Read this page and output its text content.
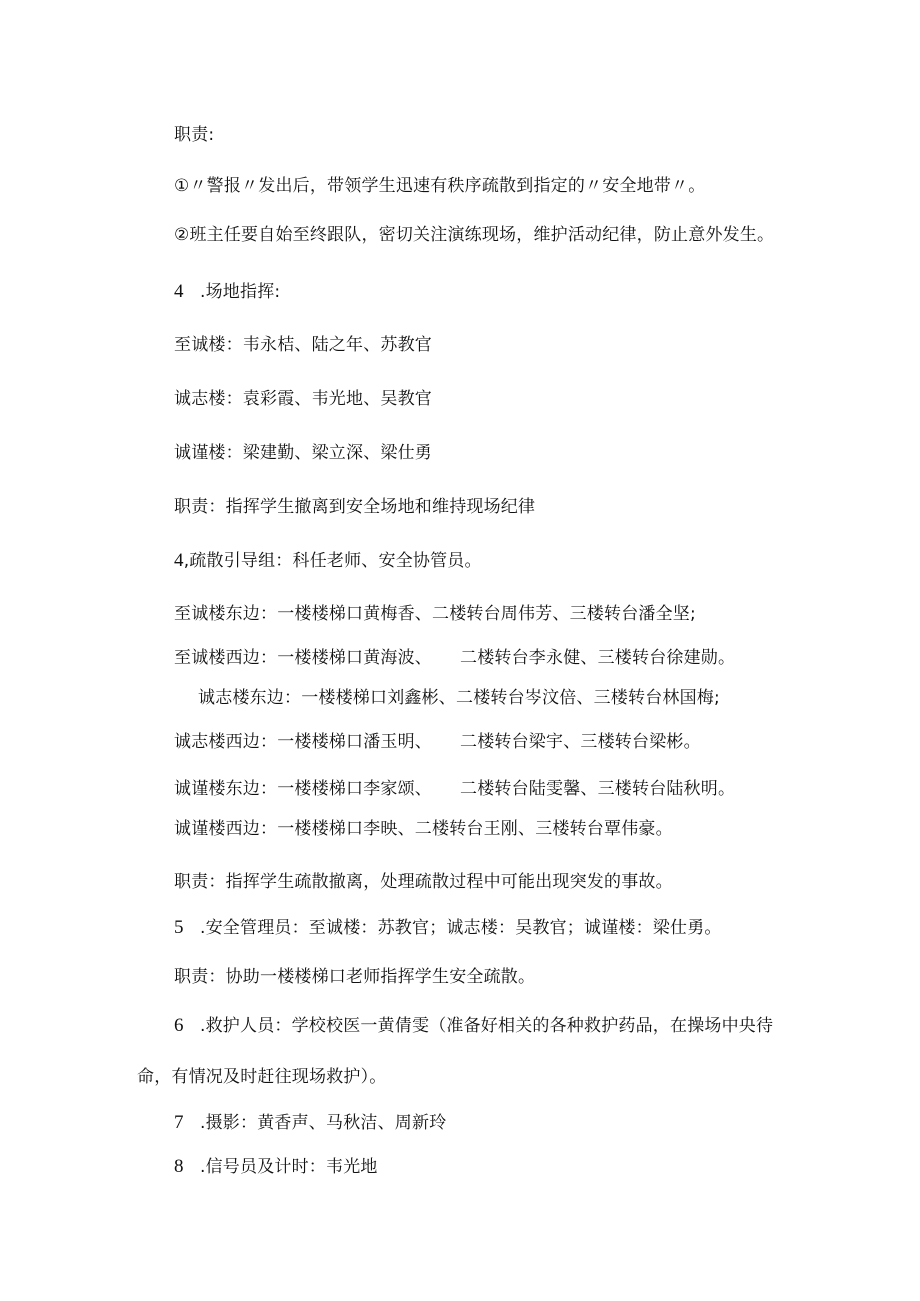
职责:
①〃警报〃发出后，带领学生迅速有秩序疏散到指定的〃安全地带〃。
②班主任要自始至终跟队，密切关注演练现场，维护活动纪律，防止意外发生。
4 .场地指挥:
至诚楼：韦永桔、陆之年、苏教官
诚志楼：袁彩霞、韦光地、吴教官
诚谨楼：梁建勤、梁立深、梁仕勇
职责：指挥学生撤离到安全场地和维持现场纪律
4,疏散引导组：科任老师、安全协管员。
至诚楼东边：一楼楼梯口黄梅香、二楼转台周伟芳、三楼转台潘全坚;
至诚楼西边：一楼楼梯口黄海波、 二楼转台李永健、三楼转台徐建勋。
诚志楼东边：一楼楼梯口刘鑫彬、二楼转台岑汶倍、三楼转台林国梅;
诚志楼西边：一楼楼梯口潘玉明、 二楼转台梁宇、三楼转台梁彬。
诚谨楼东边：一楼楼梯口李家颂、 二楼转台陆雯馨、三楼转台陆秋明。
诚谨楼西边：一楼楼梯口李映、二楼转台王刚、三楼转台覃伟豪。
职责：指挥学生疏散撤离，处理疏散过程中可能出现突发的事故。
5 .安全管理员：至诚楼：苏教官；诚志楼：吴教官；诚谨楼：梁仕勇。
职责：协助一楼楼梯口老师指挥学生安全疏散。
6 .救护人员：学校校医一黄倩雯（准备好相关的各种救护药品，在操场中央待
命，有情况及时赶往现场救护）。
7 .摄影：黄香声、马秋洁、周新玲
8 .信号员及计时：韦光地
